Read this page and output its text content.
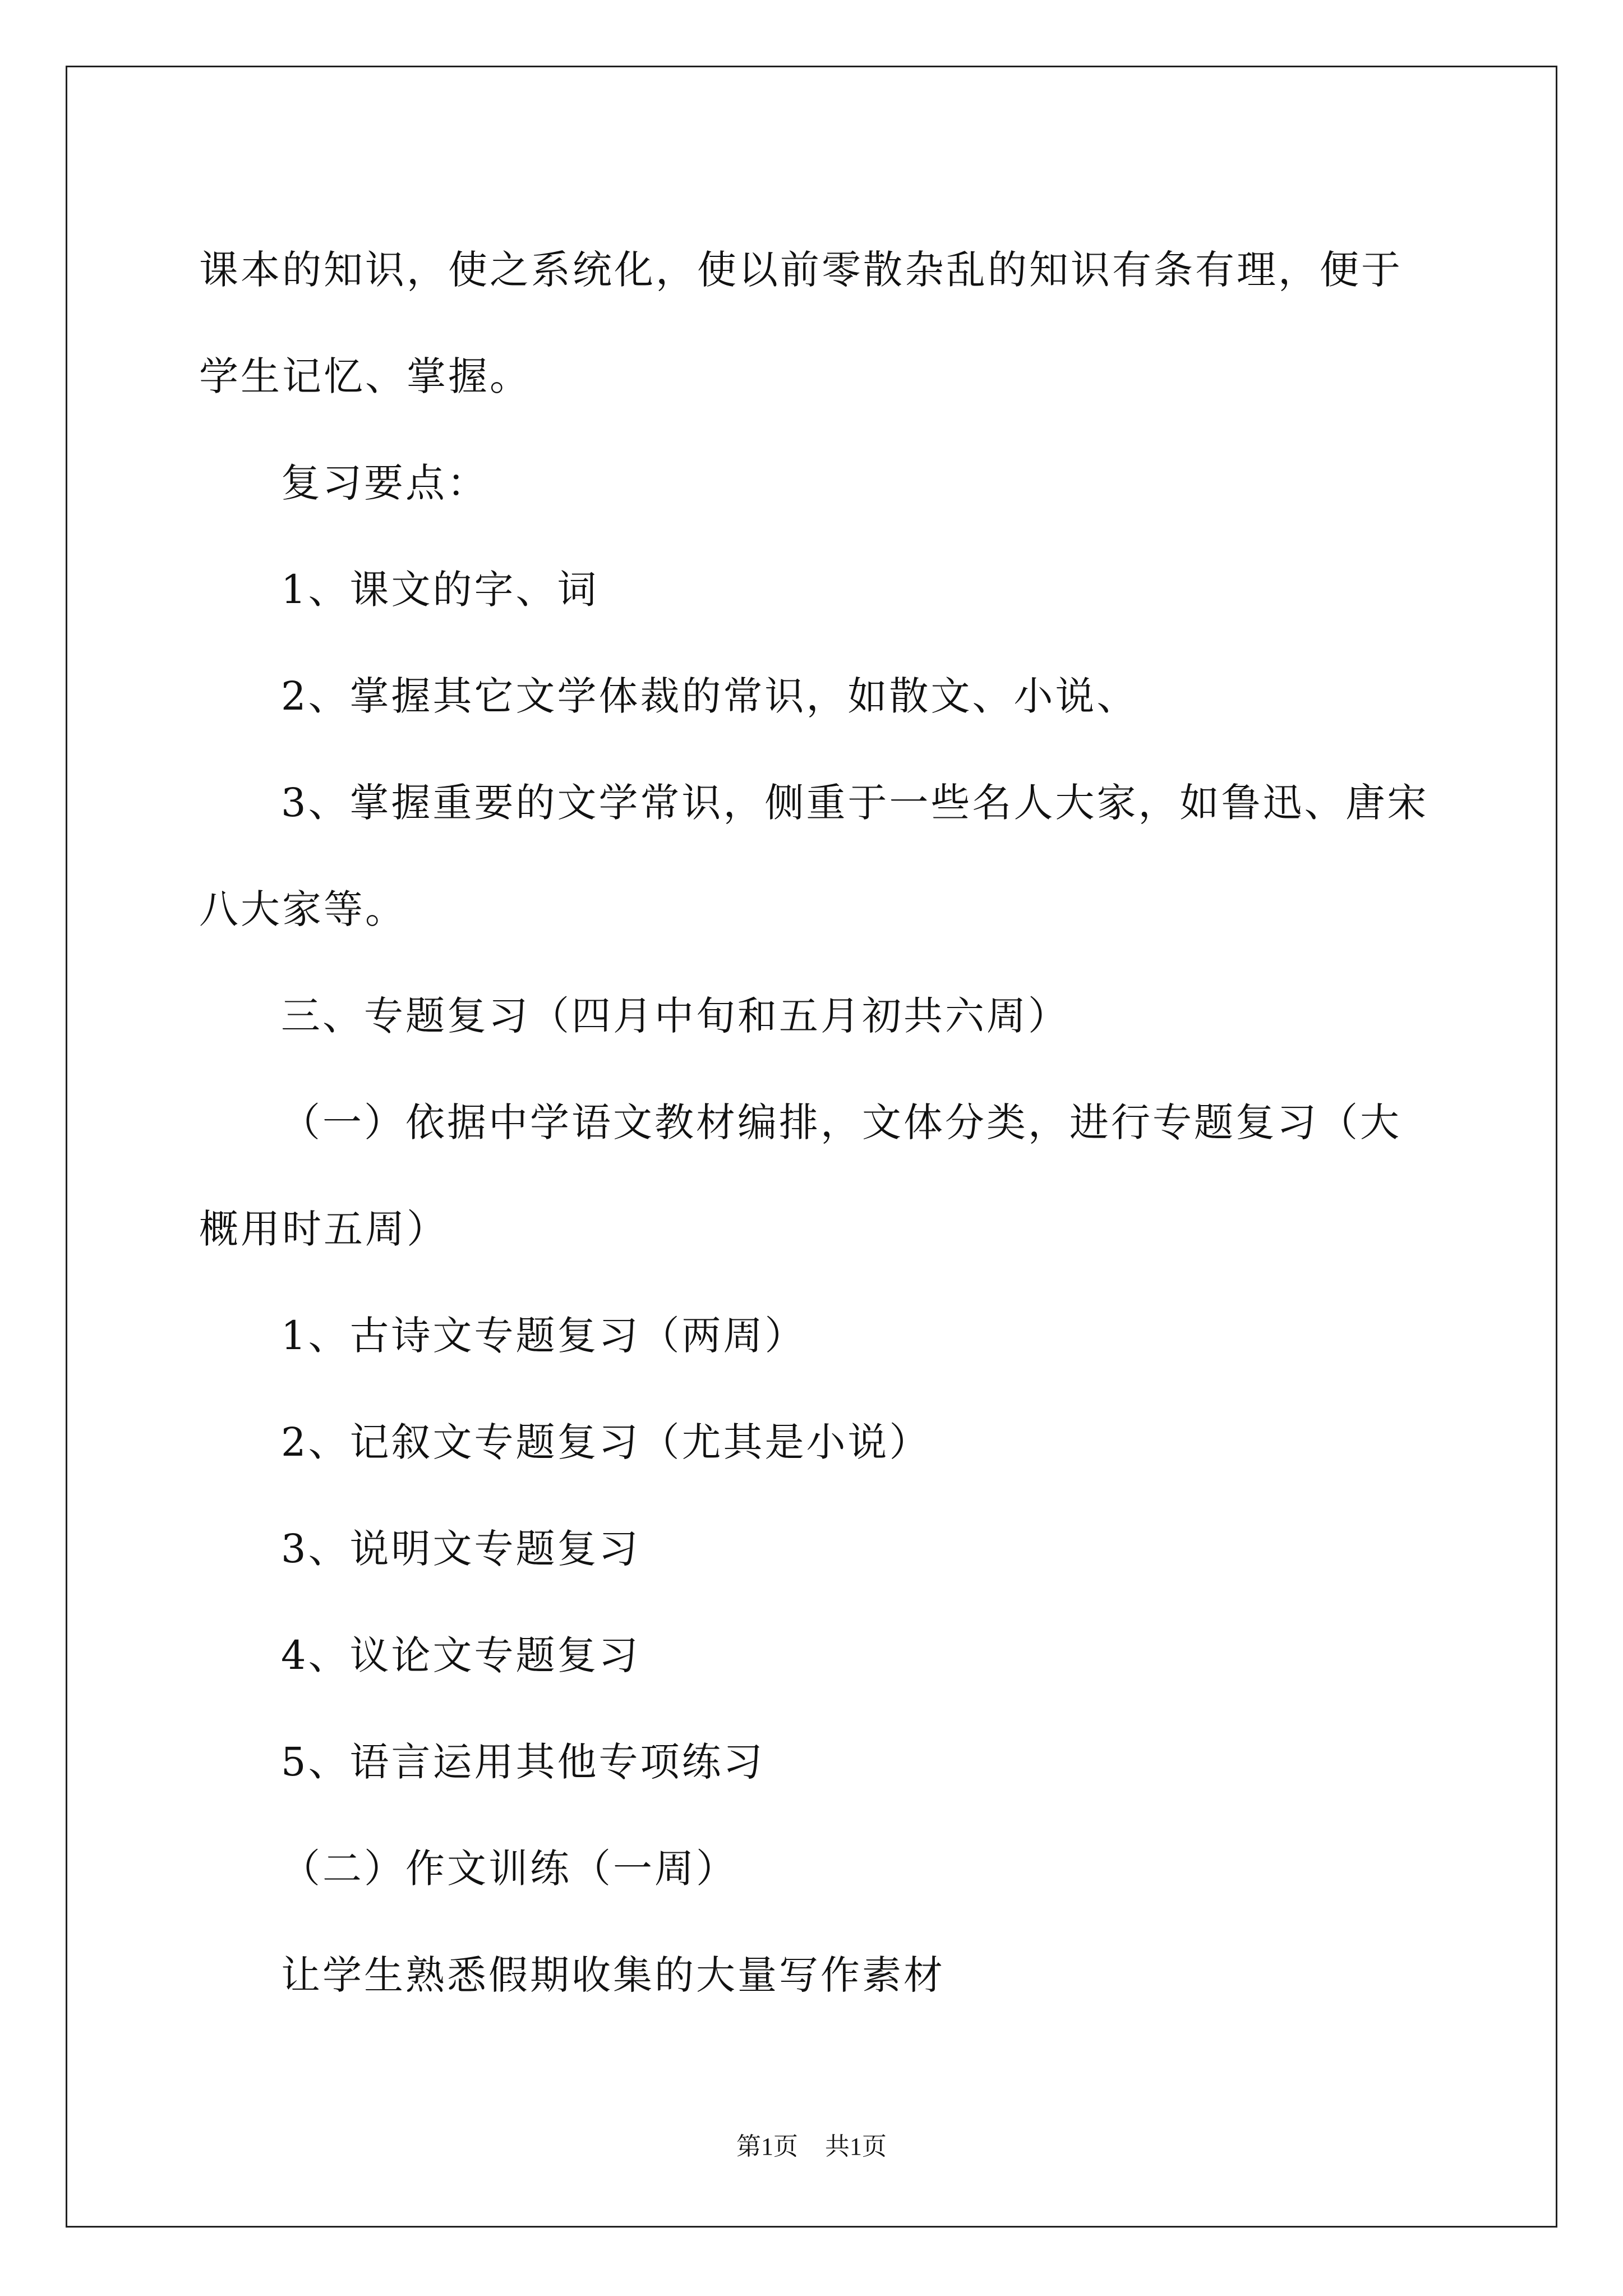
课本的知识，使之系统化，使以前零散杂乱的知识有条有理，便于学生记忆、掌握。

复习要点：

1、课文的字、词

2、掌握其它文学体裁的常识，如散文、小说、

3、掌握重要的文学常识，侧重于一些名人大家，如鲁迅、唐宋八大家等。

三、专题复习（四月中旬和五月初共六周）

（一）依据中学语文教材编排，文体分类，进行专题复习（大概用时五周）

1、古诗文专题复习（两周）

2、记叙文专题复习（尤其是小说）

3、说明文专题复习

4、议论文专题复习

5、语言运用其他专项练习

（二）作文训练（一周）

让学生熟悉假期收集的大量写作素材

第1页 共1页
